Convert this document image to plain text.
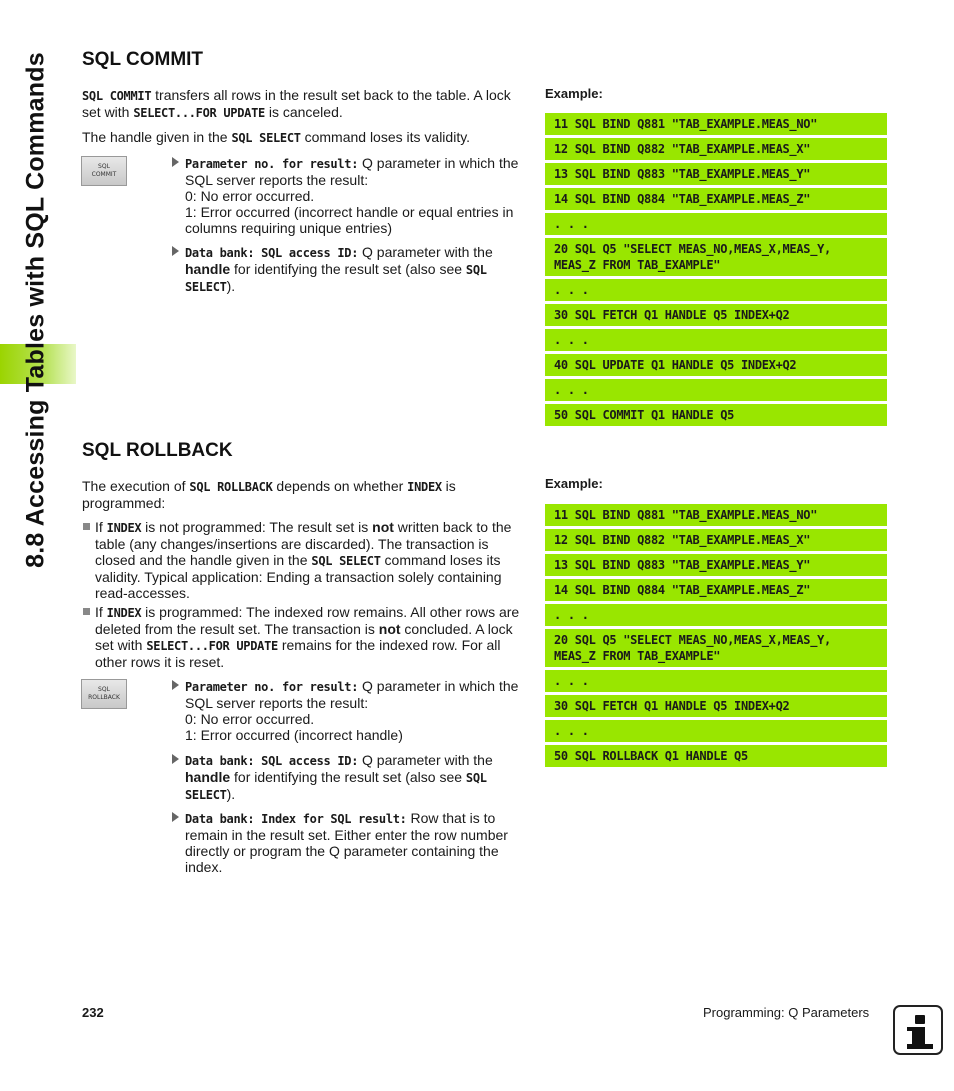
8.8 Accessing Tables with SQL Commands SQL COMMIT
SQL COMMIT transfers all rows in the result set back to the table. A lock set with SELECT...FOR UPDATE is canceled.
The handle given in the SQL SELECT command loses its validity.
SQL
COMMIT
Parameter no. for result: Q parameter in which the SQL server reports the result:
0: No error occurred.
1: Error occurred (incorrect handle or equal entries in columns requiring unique entries)
Data bank: SQL access ID: Q parameter with the handle for identifying the result set (also see SQL SELECT).
Example:
11 SQL BIND Q881 "TAB_EXAMPLE.MEAS_NO"
12 SQL BIND Q882 "TAB_EXAMPLE.MEAS_X"
13 SQL BIND Q883 "TAB_EXAMPLE.MEAS_Y"
14 SQL BIND Q884 "TAB_EXAMPLE.MEAS_Z"
. . .
20 SQL Q5 "SELECT MEAS_NO,MEAS_X,MEAS_Y,
MEAS_Z FROM TAB_EXAMPLE"
. . .
30 SQL FETCH Q1 HANDLE Q5 INDEX+Q2
. . .
40 SQL UPDATE Q1 HANDLE Q5 INDEX+Q2
. . .
50 SQL COMMIT Q1 HANDLE Q5
SQL ROLLBACK
The execution of SQL ROLLBACK depends on whether INDEX is programmed:
If INDEX is not programmed: The result set is not written back to the table (any changes/insertions are discarded). The transaction is closed and the handle given in the SQL SELECT command loses its validity. Typical application: Ending a transaction solely containing read-accesses.
If INDEX is programmed: The indexed row remains. All other rows are deleted from the result set. The transaction is not concluded. A lock set with SELECT...FOR UPDATE remains for the indexed row. For all other rows it is reset.
SQL
ROLLBACK
Parameter no. for result: Q parameter in which the SQL server reports the result:
0: No error occurred.
1: Error occurred (incorrect handle)
Data bank: SQL access ID: Q parameter with the handle for identifying the result set (also see SQL SELECT).
Data bank: Index for SQL result: Row that is to remain in the result set. Either enter the row number directly or program the Q parameter containing the index.
Example:
11 SQL BIND Q881 "TAB_EXAMPLE.MEAS_NO"
12 SQL BIND Q882 "TAB_EXAMPLE.MEAS_X"
13 SQL BIND Q883 "TAB_EXAMPLE.MEAS_Y"
14 SQL BIND Q884 "TAB_EXAMPLE.MEAS_Z"
. . .
20 SQL Q5 "SELECT MEAS_NO,MEAS_X,MEAS_Y,
MEAS_Z FROM TAB_EXAMPLE"
. . .
30 SQL FETCH Q1 HANDLE Q5 INDEX+Q2
. . .
50 SQL ROLLBACK Q1 HANDLE Q5
232	Programming: Q Parameters
